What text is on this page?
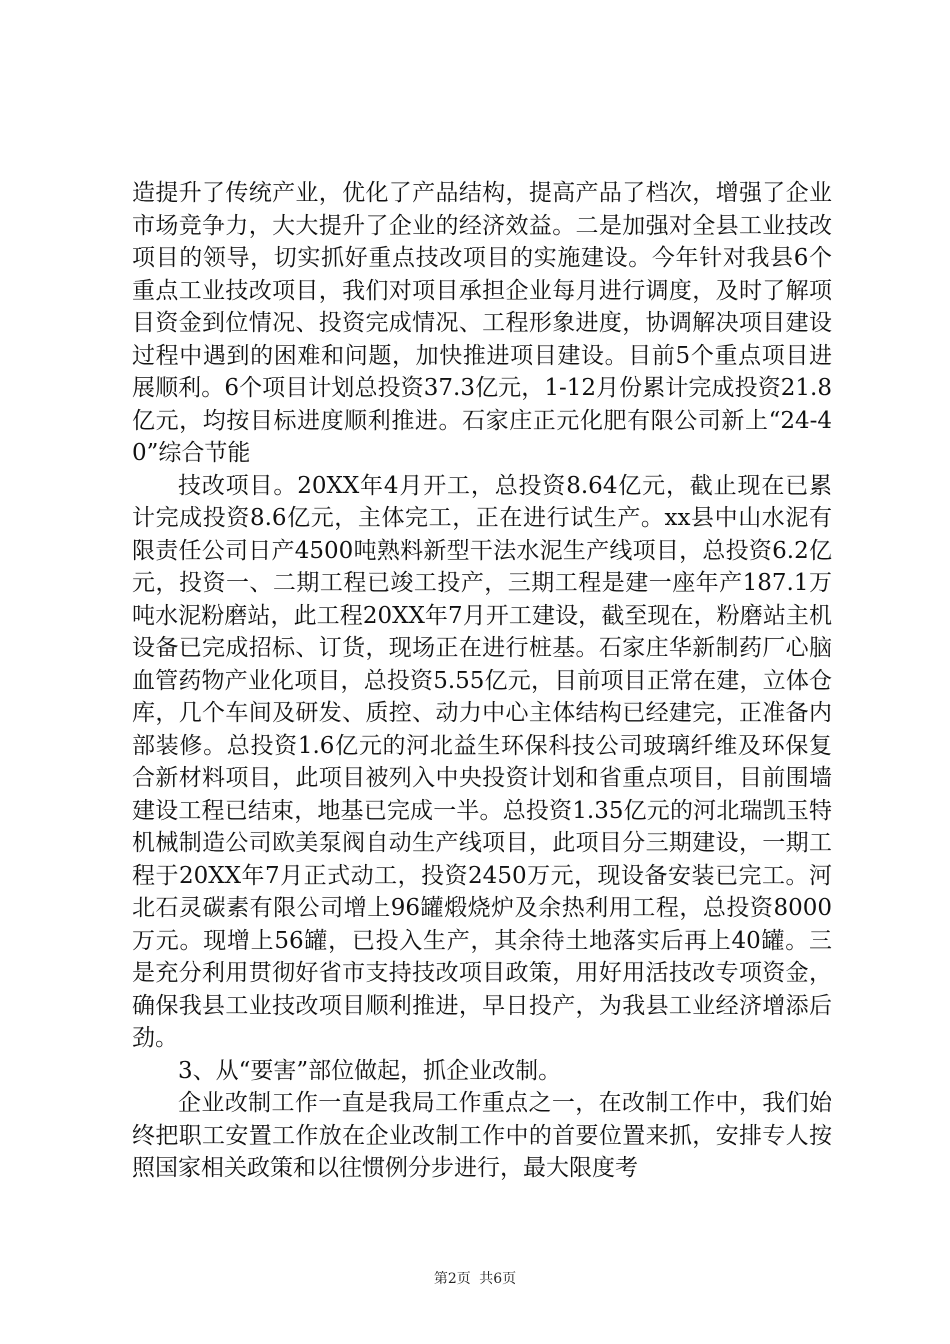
造提升了传统产业，优化了产品结构，提高产品了档次，增强了企业市场竞争力，大大提升了企业的经济效益。二是加强对全县工业技改项目的领导，切实抓好重点技改项目的实施建设。今年针对我县6个重点工业技改项目，我们对项目承担企业每月进行调度，及时了解项目资金到位情况、投资完成情况、工程形象进度，协调解决项目建设过程中遇到的困难和问题，加快推进项目建设。目前5个重点项目进展顺利。6个项目计划总投资37.3亿元，1-12月份累计完成投资21.8亿元，均按目标进度顺利推进。石家庄正元化肥有限公司新上“24-40”综合节能

技改项目。20XX年4月开工，总投资8.64亿元，截止现在已累计完成投资8.6亿元，主体完工，正在进行试生产。xx县中山水泥有限责任公司日产4500吨熟料新型干法水泥生产线项目，总投资6.2亿元，投资一、二期工程已竣工投产，三期工程是建一座年产187.1万吨水泥粉磨站，此工程20XX年7月开工建设，截至现在，粉磨站主机设备已完成招标、订货，现场正在进行桩基。石家庄华新制药厂心脑血管药物产业化项目，总投资5.55亿元，目前项目正常在建，立体仓库，几个车间及研发、质控、动力中心主体结构已经建完，正准备内部装修。总投资1.6亿元的河北益生环保科技公司玻璃纤维及环保复合新材料项目，此项目被列入中央投资计划和省重点项目，目前围墙建设工程已结束，地基已完成一半。总投资1.35亿元的河北瑞凯玉特机械制造公司欧美泵阀自动生产线项目，此项目分三期建设，一期工程于20XX年7月正式动工，投资2450万元，现设备安装已完工。河北石灵碳素有限公司增上96罐煅烧炉及余热利用工程，总投资8000万元。现增上56罐，已投入生产，其余待土地落实后再上40罐。三是充分利用贯彻好省市支持技改项目政策，用好用活技改专项资金，确保我县工业技改项目顺利推进，早日投产，为我县工业经济增添后劲。

3、从“要害”部位做起，抓企业改制。

企业改制工作一直是我局工作重点之一，在改制工作中，我们始终把职工安置工作放在企业改制工作中的首要位置来抓，安排专人按照国家相关政策和以往惯例分步进行，最大限度考

第2页 共6页
